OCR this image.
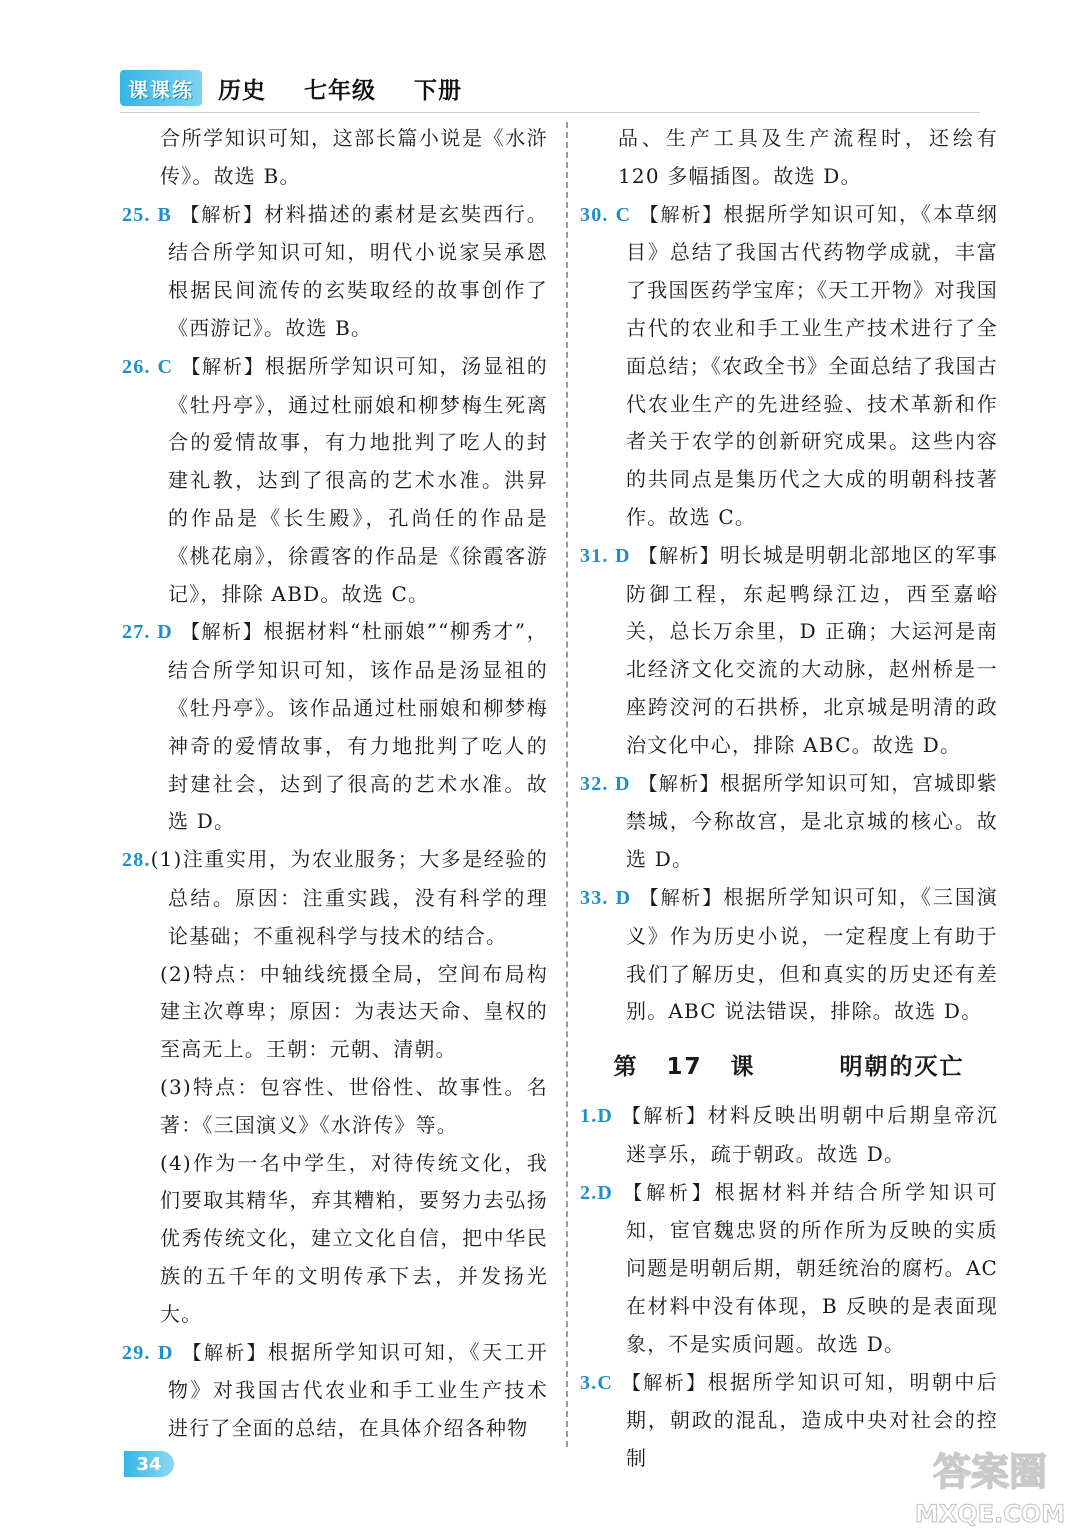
课课练 历史  七年级  下册

合所学知识可知，这部长篇小说是《水浒传》。故选 B。

25. B 【解析】材料描述的素材是玄奘西行。结合所学知识可知，明代小说家吴承恩根据民间流传的玄奘取经的故事创作了《西游记》。故选 B。

26. C 【解析】根据所学知识可知，汤显祖的《牡丹亭》，通过杜丽娘和柳梦梅生死离合的爱情故事，有力地批判了吃人的封建礼教，达到了很高的艺术水准。洪昇的作品是《长生殿》，孔尚任的作品是《桃花扇》，徐霞客的作品是《徐霞客游记》，排除 ABD。故选 C。

27. D 【解析】根据材料“杜丽娘”“柳秀才”，结合所学知识可知，该作品是汤显祖的《牡丹亭》。该作品通过杜丽娘和柳梦梅神奇的爱情故事，有力地批判了吃人的封建社会，达到了很高的艺术水准。故选 D。

28.(1)注重实用，为农业服务；大多是经验的总结。原因：注重实践，没有科学的理论基础；不重视科学与技术的结合。

(2)特点：中轴线统摄全局，空间布局构建主次尊卑；原因：为表达天命、皇权的至高无上。王朝：元朝、清朝。

(3)特点：包容性、世俗性、故事性。名著：《三国演义》《水浒传》等。

(4)作为一名中学生，对待传统文化，我们要取其精华，弃其糟粕，要努力去弘扬优秀传统文化，建立文化自信，把中华民族的五千年的文明传承下去，并发扬光大。

29. D 【解析】根据所学知识可知，《天工开物》对我国古代农业和手工业生产技术进行了全面的总结，在具体介绍各种物

品、生产工具及生产流程时，还绘有 120 多幅插图。故选 D。

30. C 【解析】根据所学知识可知，《本草纲目》总结了我国古代药物学成就，丰富了我国医药学宝库；《天工开物》对我国古代的农业和手工业生产技术进行了全面总结；《农政全书》全面总结了我国古代农业生产的先进经验、技术革新和作者关于农学的创新研究成果。这些内容的共同点是集历代之大成的明朝科技著作。故选 C。

31. D 【解析】明长城是明朝北部地区的军事防御工程，东起鸭绿江边，西至嘉峪关，总长万余里，D 正确；大运河是南北经济文化交流的大动脉，赵州桥是一座跨洨河的石拱桥，北京城是明清的政治文化中心，排除 ABC。故选 D。

32. D 【解析】根据所学知识可知，宫城即紫禁城，今称故宫，是北京城的核心。故选 D。

33. D 【解析】根据所学知识可知，《三国演义》作为历史小说，一定程度上有助于我们了解历史，但和真实的历史还有差别。ABC 说法错误，排除。故选 D。

第 17 课   明朝的灭亡

1.D 【解析】材料反映出明朝中后期皇帝沉迷享乐，疏于朝政。故选 D。

2.D 【解析】根据材料并结合所学知识可知，宦官魏忠贤的所作所为反映的实质问题是明朝后期，朝廷统治的腐朽。AC 在材料中没有体现，B 反映的是表面现象，不是实质问题。故选 D。

3.C 【解析】根据所学知识可知，明朝中后期，朝政的混乱，造成中央对社会的控制

34	答案圈
MXQE.COM
